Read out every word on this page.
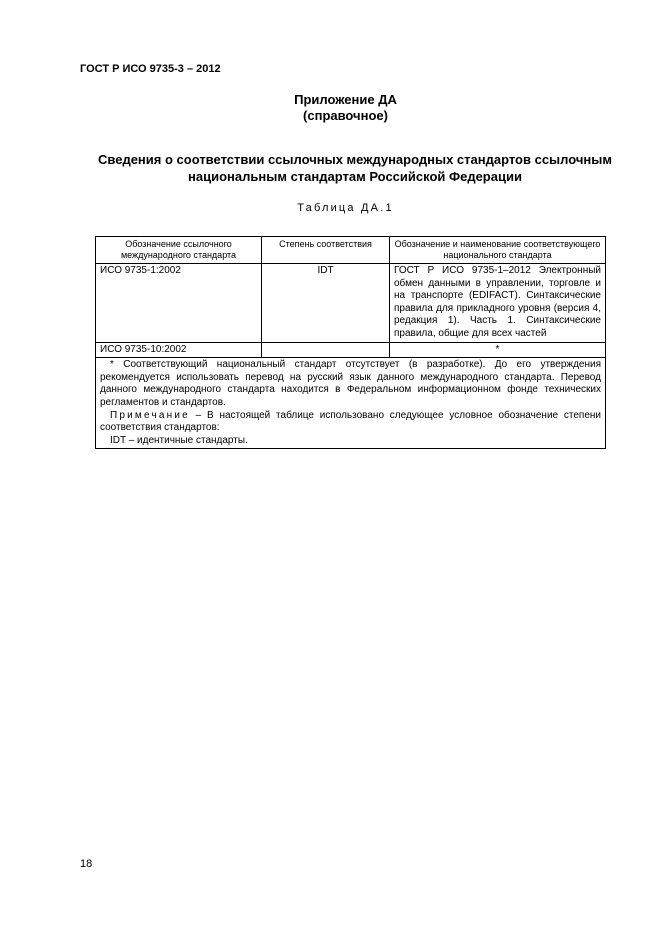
ГОСТ Р ИСО 9735-3 – 2012
Приложение ДА
(справочное)
Сведения о соответствии ссылочных международных стандартов ссылочным национальным стандартам Российской Федерации
Таблица ДА.1
Обозначение ссылочного международного стандарта	Степень соответствия	Обозначение и наименование соответствующего национального стандарта
ИСО 9735-1:2002	IDT	ГОСТ Р ИСО 9735-1–2012 Электронный обмен данными в управлении, торговле и на транспорте (EDIFACT). Синтаксические правила для прикладного уровня (версия 4, редакция 1). Часть 1. Синтаксические правила, общие для всех частей
ИСО 9735-10:2002		*

* Соответствующий национальный стандарт отсутствует (в разработке). До его утверждения рекомендуется использовать перевод на русский язык данного международного стандарта. Перевод данного международного стандарта находится в Федеральном информационном фонде технических регламентов и стандартов.

Примечание – В настоящей таблице использовано следующее условное обозначение степени соответствия стандартов:

IDT – идентичные стандарты.		

18
